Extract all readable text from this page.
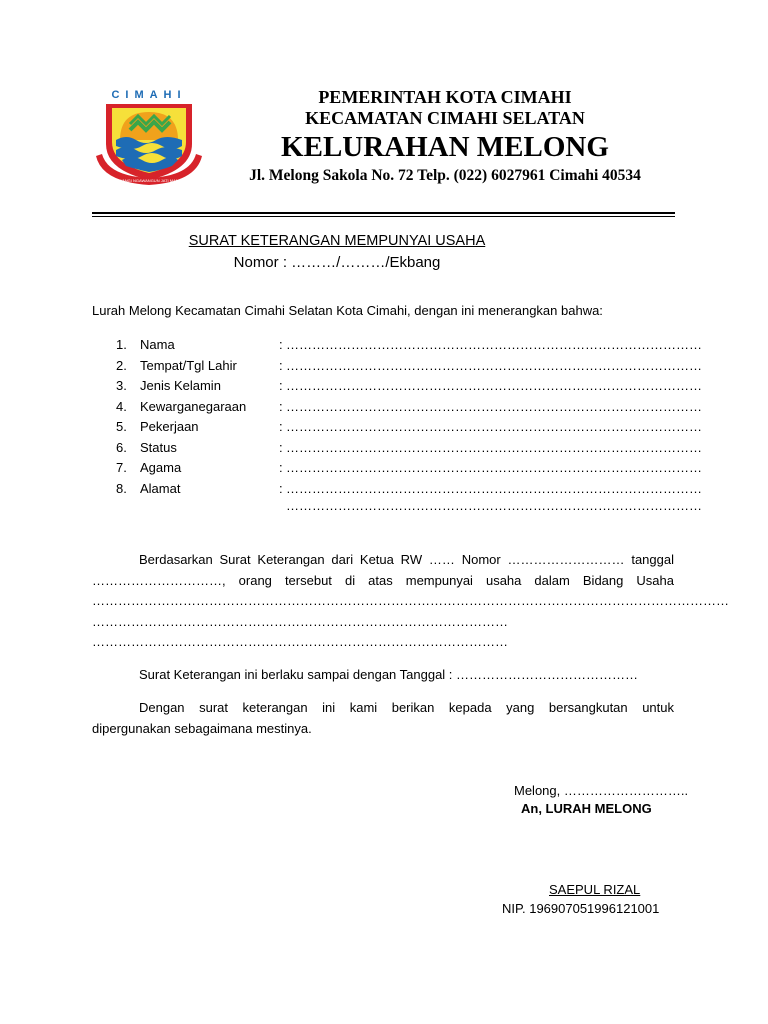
CIMAHI
SILIWANGI NGAWANGUN JATI MANDIRI
PEMERINTAH KOTA CIMAHI
KECAMATAN CIMAHI SELATAN
KELURAHAN MELONG
Jl. Melong Sakola No. 72 Telp. (022) 6027961 Cimahi 40534
SURAT KETERANGAN MEMPUNYAI USAHA
Nomor : ………/………/Ekbang
Lurah Melong Kecamatan Cimahi Selatan Kota Cimahi, dengan ini menerangkan bahwa:
1.	Nama	: ……………………………………………………………………………………
2.	Tempat/Tgl Lahir	: ……………………………………………………………………………………
3.	Jenis Kelamin	: ……………………………………………………………………………………
4.	Kewarganegaraan	: ……………………………………………………………………………………
5.	Pekerjaan	: ……………………………………………………………………………………
6.	Status	: ……………………………………………………………………………………
7.	Agama	: ……………………………………………………………………………………
8.	Alamat	: ……………………………………………………………………………………
……………………………………………………………………………………
Berdasarkan Surat Keterangan dari Ketua RW …… Nomor ……………………… tanggal
…………………………, orang tersebut di atas mempunyai usaha dalam Bidang Usaha
…………………………………………………………………………………………………………………………………
……………………………………………………………………………………
……………………………………………………………………………………
Surat Keterangan ini berlaku sampai dengan Tanggal : ……………………………………
Dengan surat keterangan ini kami berikan kepada yang bersangkutan untuk
dipergunakan sebagaimana mestinya.
Melong, ………………………..
An, LURAH MELONG
SAEPUL RIZAL
NIP. 196907051996121001
